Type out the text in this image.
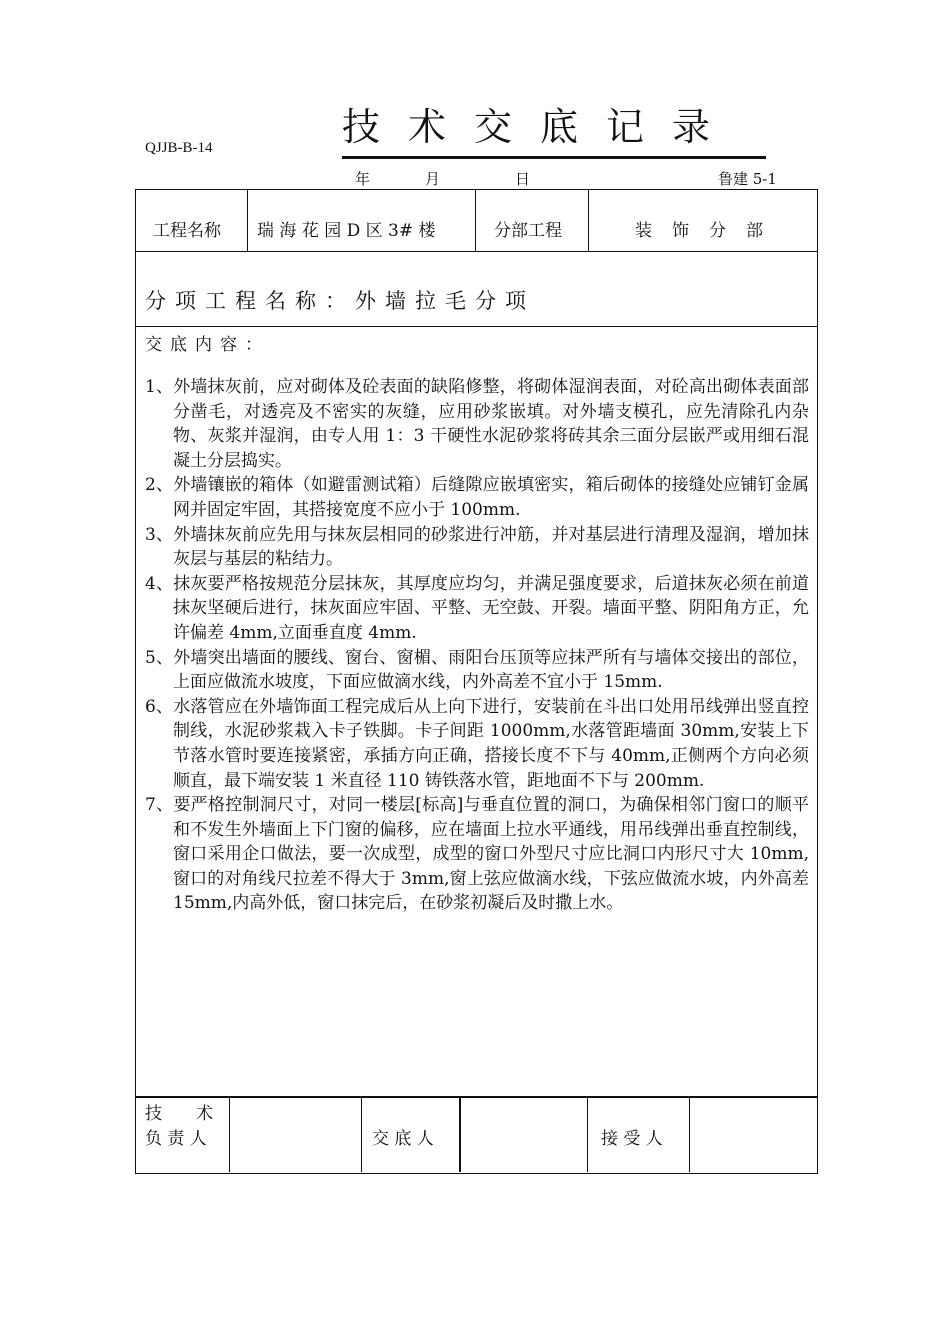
QJJB-B-14	技术交底记录
年	月	日	鲁建 5-1
工程名称 瑞 海 花 园 D 区 3# 楼	分部工程	装饰分部
分项工程名称：外墙拉毛分项
交底内容：
1、外墙抹灰前，应对砌体及砼表面的缺陷修整，将砌体湿润表面，对砼高出砌体表面部分凿毛，对透亮及不密实的灰缝，应用砂浆嵌填。对外墙支模孔，应先清除孔内杂物、灰浆并湿润，由专人用 1：3 干硬性水泥砂浆将砖其余三面分层嵌严或用细石混凝土分层捣实。
2、外墙镶嵌的箱体（如避雷测试箱）后缝隙应嵌填密实，箱后砌体的接缝处应铺钉金属网并固定牢固，其搭接宽度不应小于 100mm.
3、外墙抹灰前应先用与抹灰层相同的砂浆进行冲筋，并对基层进行清理及湿润，增加抹灰层与基层的粘结力。
4、抹灰要严格按规范分层抹灰，其厚度应均匀，并满足强度要求，后道抹灰必须在前道抹灰坚硬后进行，抹灰面应牢固、平整、无空鼓、开裂。墙面平整、阴阳角方正，允许偏差 4mm,立面垂直度 4mm.
5、外墙突出墙面的腰线、窗台、窗楣、雨阳台压顶等应抹严所有与墙体交接出的部位，上面应做流水坡度，下面应做滴水线，内外高差不宜小于 15mm.
6、水落管应在外墙饰面工程完成后从上向下进行，安装前在斗出口处用吊线弹出竖直控制线，水泥砂浆栽入卡子铁脚。卡子间距 1000mm,水落管距墙面 30mm,安装上下节落水管时要连接紧密，承插方向正确，搭接长度不下与 40mm,正侧两个方向必须顺直，最下端安装 1 米直径 110 铸铁落水管，距地面不下与 200mm.
7、要严格控制洞尺寸，对同一楼层[标高]与垂直位置的洞口，为确保相邻门窗口的顺平和不发生外墙面上下门窗的偏移，应在墙面上拉水平通线，用吊线弹出垂直控制线，窗口采用企口做法，要一次成型，成型的窗口外型尺寸应比洞口内形尺寸大 10mm,窗口的对角线尺拉差不得大于 3mm,窗上弦应做滴水线，下弦应做流水坡，内外高差 15mm,内高外低，窗口抹完后，在砂浆初凝后及时撒上水。
技　　术
负 责 人	交 底 人	接 受 人
